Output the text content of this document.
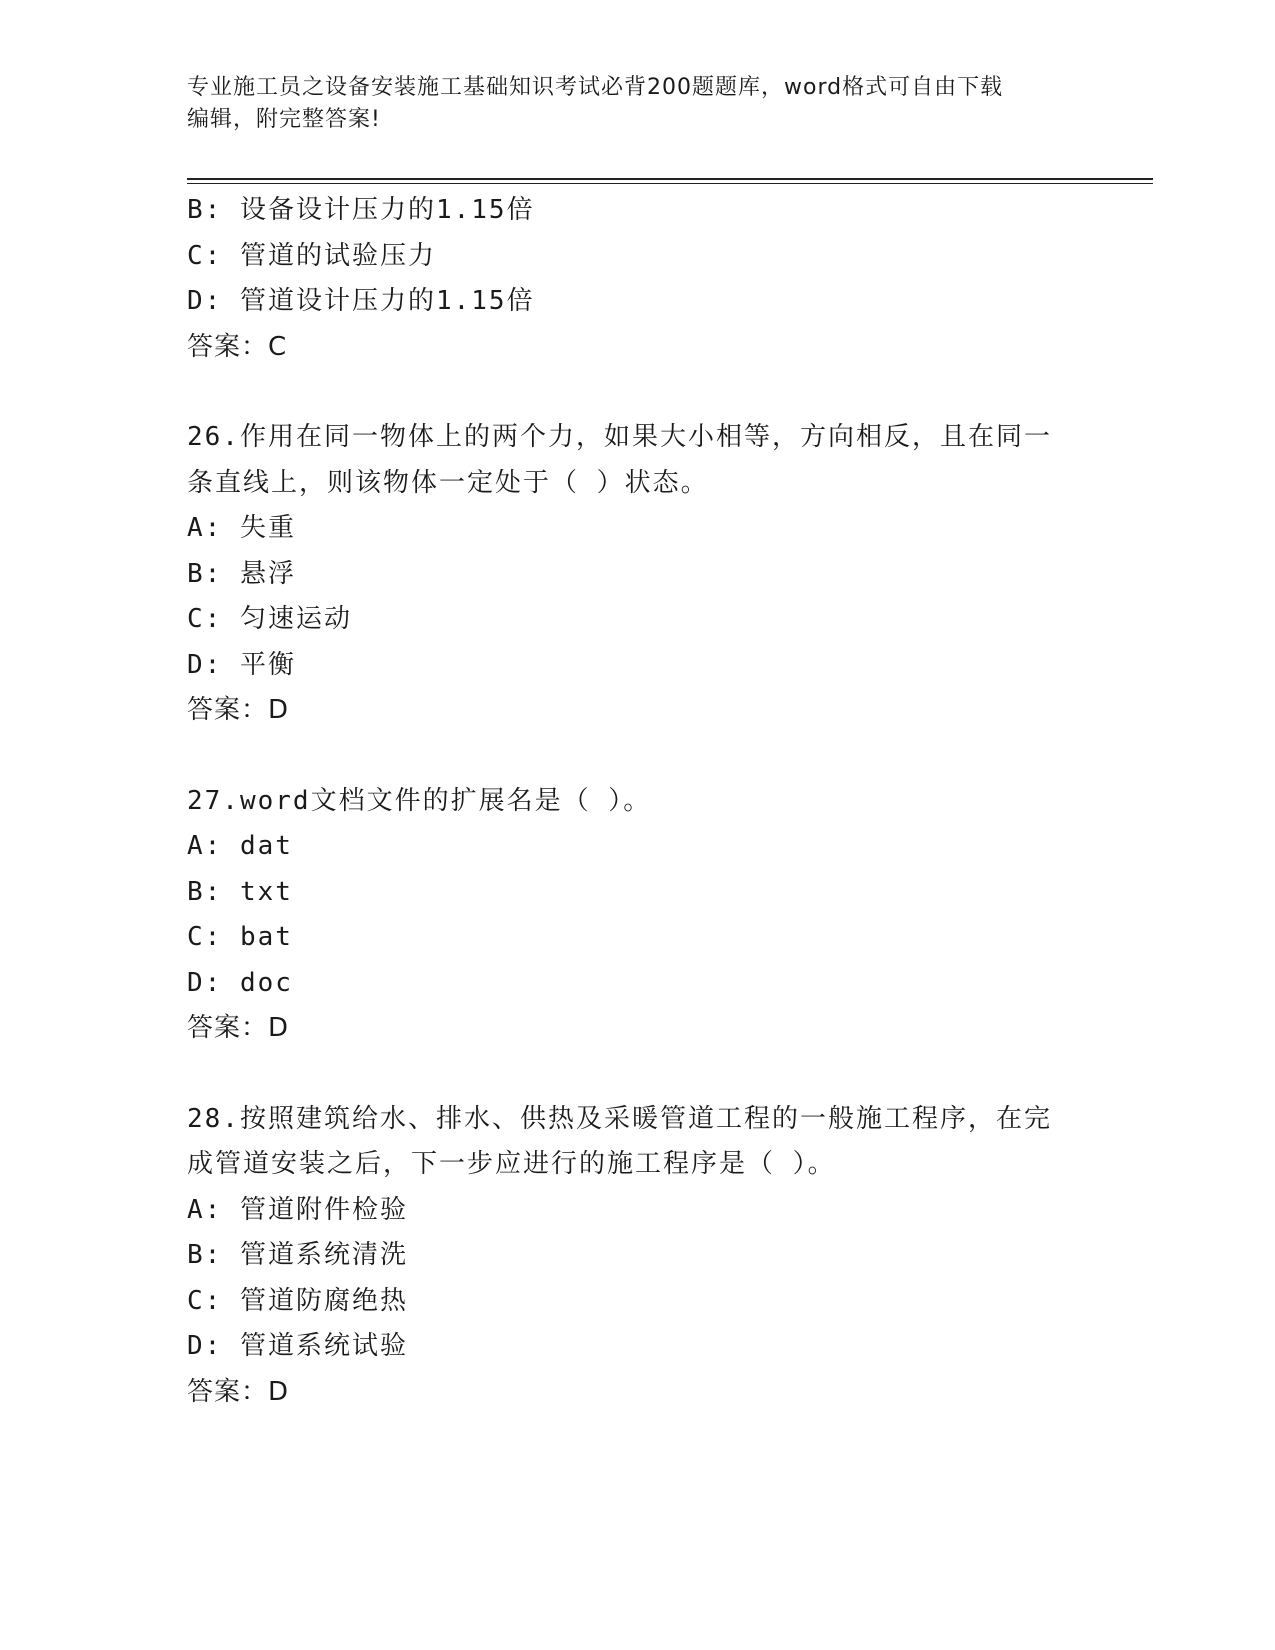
专业施工员之设备安装施工基础知识考试必背200题题库，word格式可自由下载
编辑，附完整答案!
B: 设备设计压力的1.15倍
C: 管道的试验压力
D: 管道设计压力的1.15倍
答案：C
26.作用在同一物体上的两个力，如果大小相等，方向相反，且在同一
条直线上，则该物体一定处于（ ）状态。
A: 失重
B: 悬浮
C: 匀速运动
D: 平衡
答案：D
27.word文档文件的扩展名是（ ）。
A: dat
B: txt
C: bat
D: doc
答案：D
28.按照建筑给水、排水、供热及采暖管道工程的一般施工程序，在完
成管道安装之后，下一步应进行的施工程序是（ ）。
A: 管道附件检验
B: 管道系统清洗
C: 管道防腐绝热
D: 管道系统试验
答案：D
